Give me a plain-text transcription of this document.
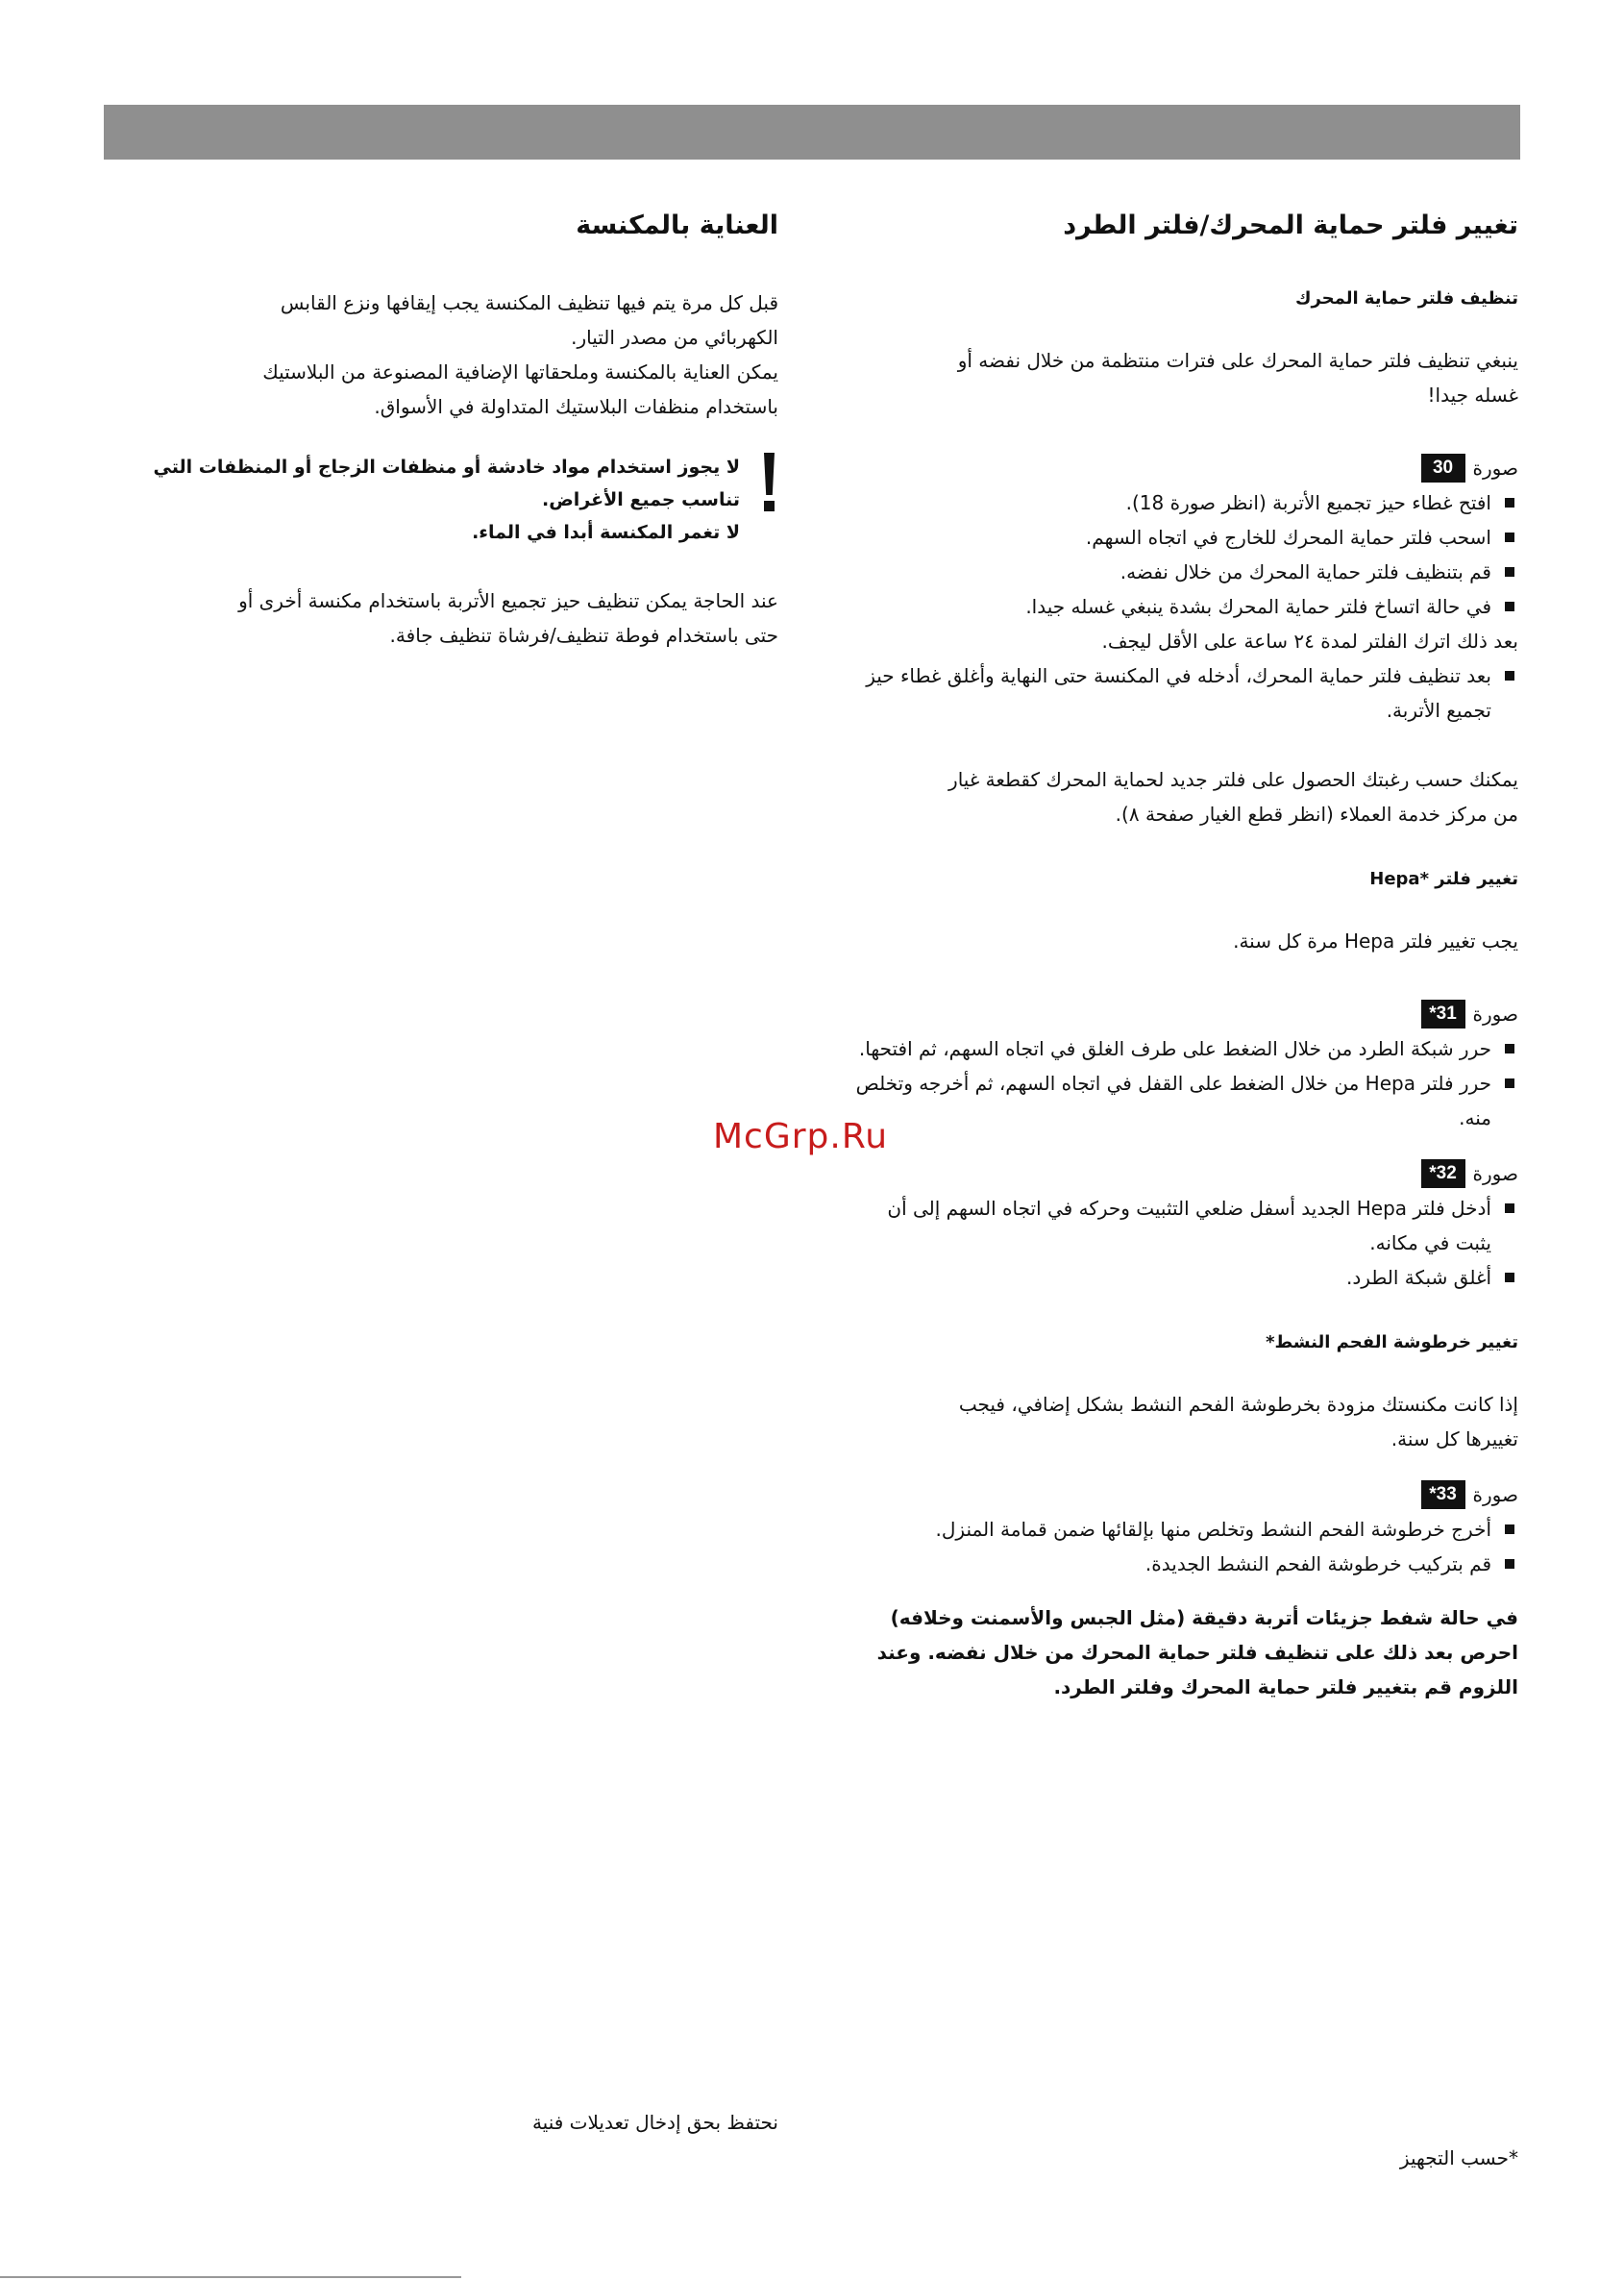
تغيير فلتر حماية المحرك/فلتر الطرد
تنظيف فلتر حماية المحرك

ينبغي تنظيف فلتر حماية المحرك على فترات منتظمة من خلال نفضه أو

غسله جيدا!

صورة
30
افتح غطاء حيز تجميع الأتربة (انظر صورة 18).
اسحب فلتر حماية المحرك للخارج في اتجاه السهم.
قم بتنظيف فلتر حماية المحرك من خلال نفضه.
في حالة اتساخ فلتر حماية المحرك بشدة ينبغي غسله جيدا.

بعد ذلك اترك الفلتر لمدة ٢٤ ساعة على الأقل ليجف.

بعد تنظيف فلتر حماية المحرك، أدخله في المكنسة حتى النهاية وأغلق غطاء حيز تجميع الأتربة.

يمكنك حسب رغبتك الحصول على فلتر جديد لحماية المحرك كقطعة غيار

من مركز خدمة العملاء (انظر قطع الغيار صفحة ٨).

تغيير فلتر *Hepa

يجب تغيير فلتر Hepa مرة كل سنة.

صورة
31*
حرر شبكة الطرد من خلال الضغط على طرف الغلق في اتجاه السهم، ثم افتحها.
حرر فلتر Hepa من خلال الضغط على القفل في اتجاه السهم، ثم أخرجه وتخلص منه.
صورة
32*
أدخل فلتر Hepa الجديد أسفل ضلعي التثبيت وحركه في اتجاه السهم إلى أن يثبت في مكانه.
أغلق شبكة الطرد.
تغيير خرطوشة الفحم النشط*

إذا كانت مكنستك مزودة بخرطوشة الفحم النشط بشكل إضافي، فيجب

تغييرها كل سنة.

صورة
33*
أخرج خرطوشة الفحم النشط وتخلص منها بإلقائها ضمن قمامة المنزل.
قم بتركيب خرطوشة الفحم النشط الجديدة.

في حالة شفط جزيئات أتربة دقيقة (مثل الجبس والأسمنت وخلافه)

احرص بعد ذلك على تنظيف فلتر حماية المحرك من خلال نفضه. وعند

اللزوم قم بتغيير فلتر حماية المحرك وفلتر الطرد.

العناية بالمكنسة

قبل كل مرة يتم فيها تنظيف المكنسة يجب إيقافها ونزع القابس

الكهربائي من مصدر التيار.

يمكن العناية بالمكنسة وملحقاتها الإضافية المصنوعة من البلاستيك

باستخدام منظفات البلاستيك المتداولة في الأسواق.

لا يجوز استخدام مواد خادشة أو منظفات الزجاج أو المنظفات التي

تناسب جميع الأغراض.

لا تغمر المكنسة أبدا في الماء.

عند الحاجة يمكن تنظيف حيز تجميع الأتربة باستخدام مكنسة أخرى أو

حتى باستخدام فوطة تنظيف/فرشاة تنظيف جافة.

McGrp.Ru
نحتفظ بحق إدخال تعديلات فنية
*حسب التجهيز
